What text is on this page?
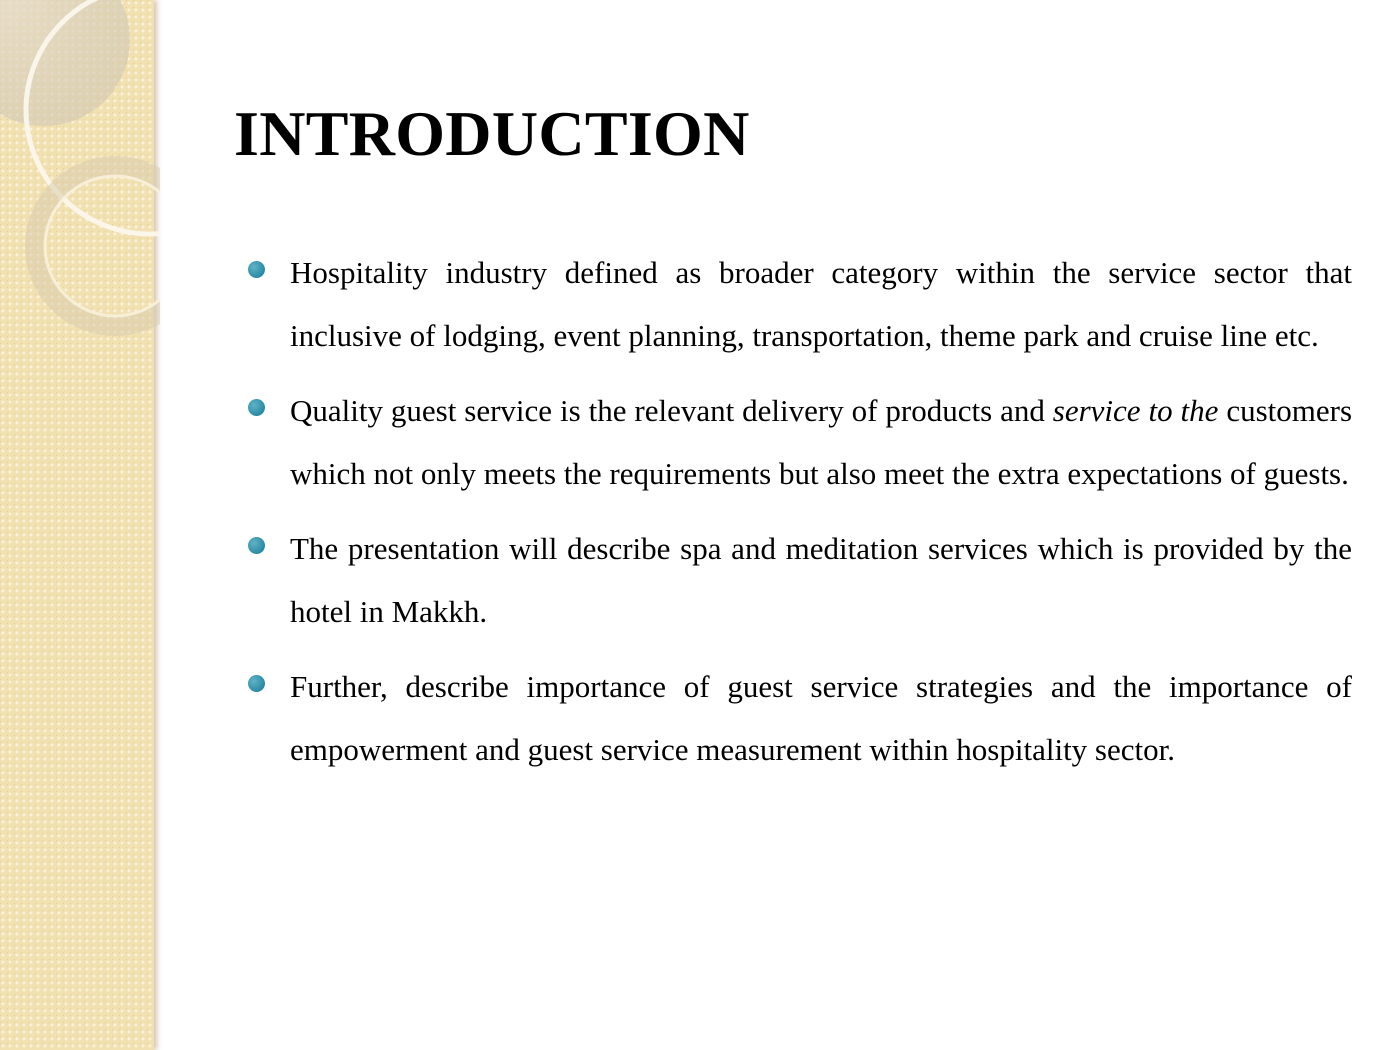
INTRODUCTION
Hospitality industry defined as broader category within the service sector that inclusive of lodging, event planning, transportation, theme park and cruise line etc.
Quality guest service is the relevant delivery of products and service to the customers which not only meets the requirements but also meet the extra expectations of guests.
The presentation will describe spa and meditation services which is provided by the hotel in Makkh.
Further, describe importance of guest service strategies and the importance of empowerment and guest service measurement within hospitality sector.
